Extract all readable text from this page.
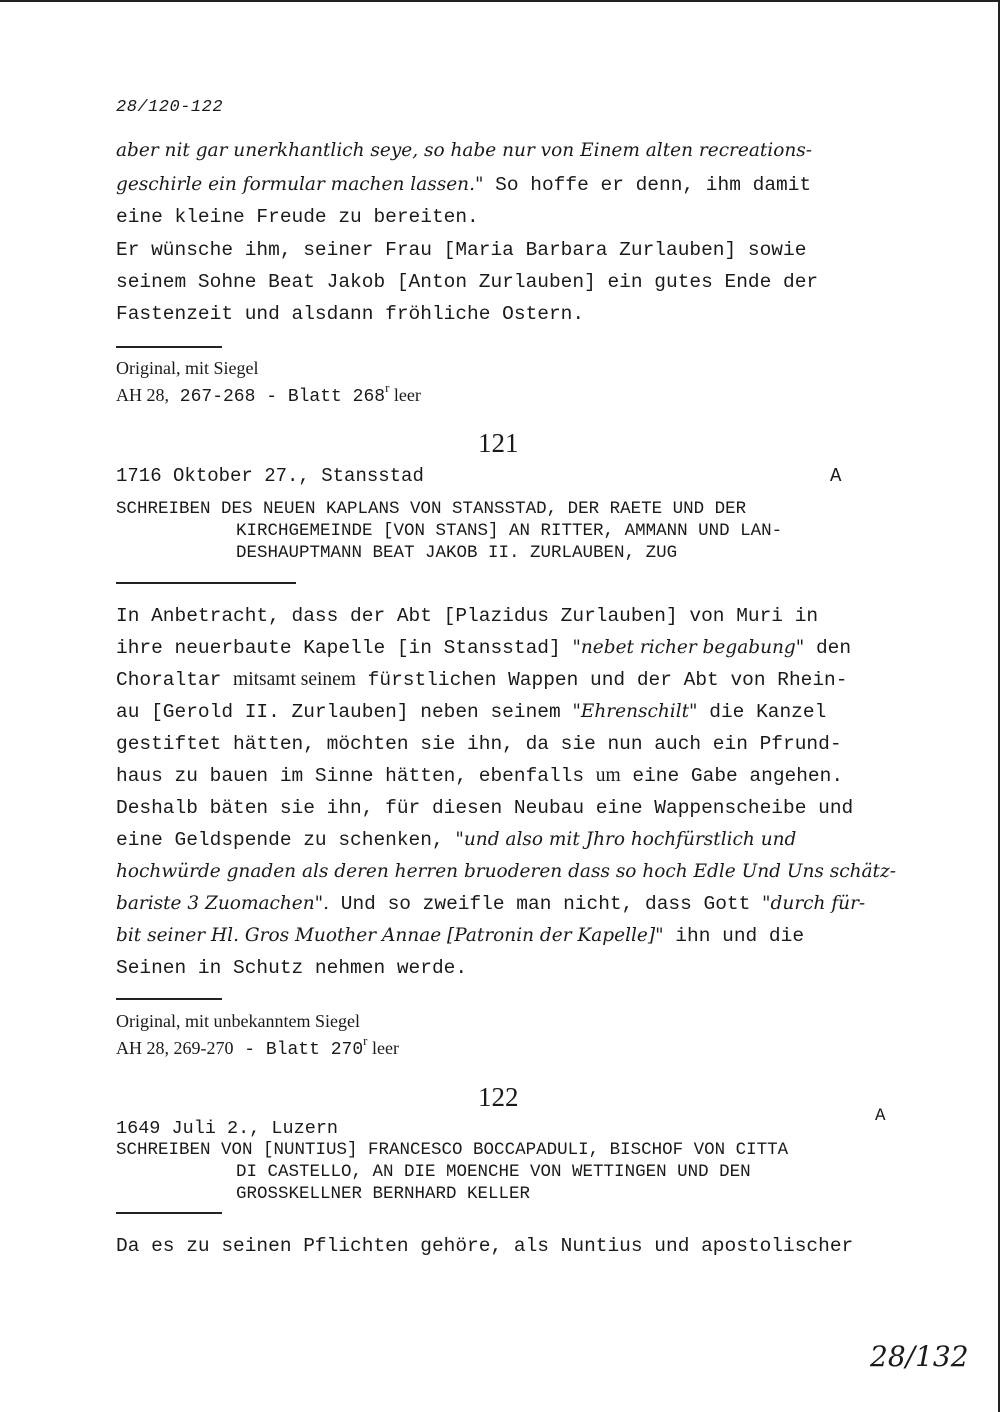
28/120-122
aber nit gar unerkhantlich seye, so habe nur von Einem alten recreations-
geschirle ein formular machen lassen." So hoffe er denn, ihm damit
eine kleine Freude zu bereiten.
Er wünsche ihm, seiner Frau [Maria Barbara Zurlauben] sowie
seinem Sohne Beat Jakob [Anton Zurlauben] ein gutes Ende der
Fastenzeit und alsdann fröhliche Ostern.
Original, mit Siegel
AH 28, 267-268 - Blatt 268$^r$ leer
121
1716 Oktober 27., Stansstad	A
SCHREIBEN DES NEUEN KAPLANS VON STANSSTAD, DER RAETE UND DER
KIRCHGEMEINDE [VON STANS] AN RITTER, AMMANN UND LAN-
DESHAUPTMANN BEAT JAKOB II. ZURLAUBEN, ZUG
In Anbetracht, dass der Abt [Plazidus Zurlauben] von Muri in
ihre neuerbaute Kapelle [in Stansstad] "nebet richer begabung" den
Choraltar mitsamt seinem fürstlichen Wappen und der Abt von Rhein-
au [Gerold II. Zurlauben] neben seinem "Ehrenschilt" die Kanzel
gestiftet hätten, möchten sie ihn, da sie nun auch ein Pfrund-
haus zu bauen im Sinne hätten, ebenfalls um eine Gabe angehen.
Deshalb bäten sie ihn, für diesen Neubau eine Wappenscheibe und
eine Geldspende zu schenken, "und also mit Jhro hochfürstlich und
hochwürde gnaden als deren herren bruoderen dass so hoch Edle Und Uns schätz-
bariste 3 Zuomachen". Und so zweifle man nicht, dass Gott "durch für-
bit seiner Hl. Gros Muother Annae [Patronin der Kapelle]" ihn und die
Seinen in Schutz nehmen werde.
Original, mit unbekanntem Siegel
AH 28, 269-270 - Blatt 270$^r$ leer
122
A
1649 Juli 2., Luzern
SCHREIBEN VON [NUNTIUS] FRANCESCO BOCCAPADULI, BISCHOF VON CITTA
DI CASTELLO, AN DIE MOENCHE VON WETTINGEN UND DEN
GROSSKELLNER BERNHARD KELLER
Da es zu seinen Pflichten gehöre, als Nuntius und apostolischer
28/132
